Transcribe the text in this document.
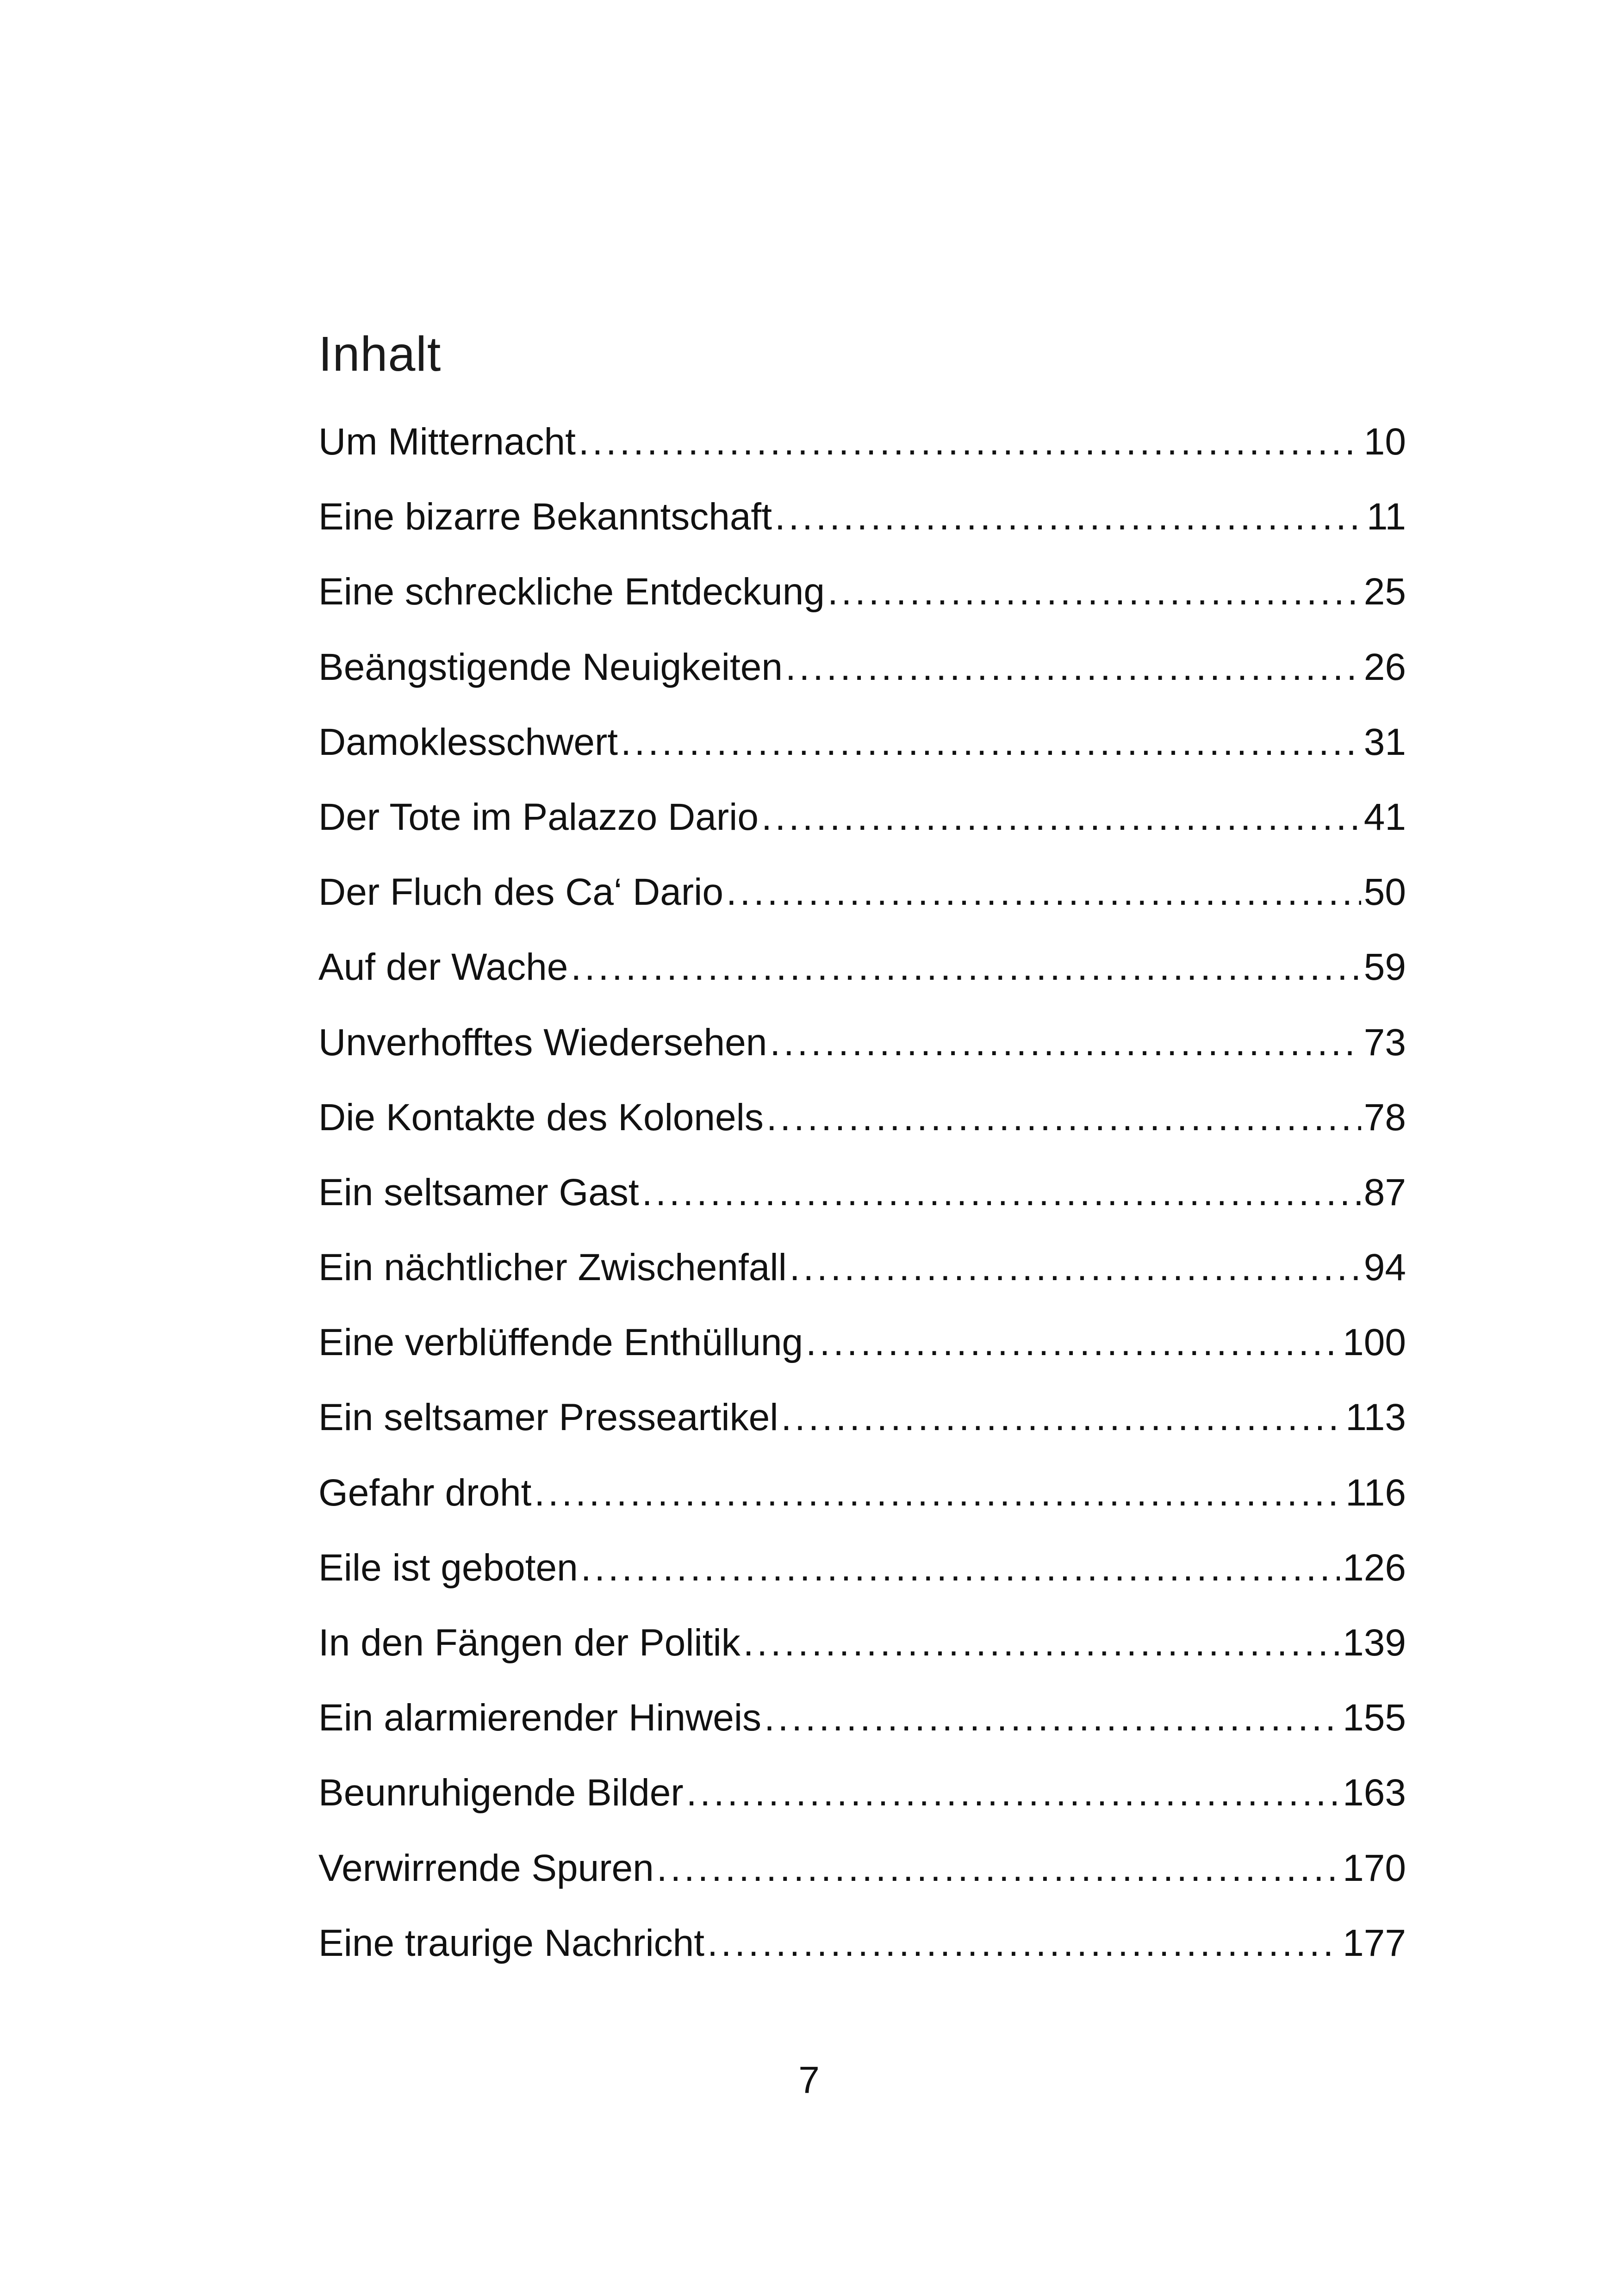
Inhalt
Um Mitternacht . . .	10
Eine bizarre Bekanntschaft . . .	11
Eine schreckliche Entdeckung . . .	25
Beängstigende Neuigkeiten . . .	26
Damoklesschwert . . .	31
Der Tote im Palazzo Dario . . .	41
Der Fluch des Ca‘ Dario . . .	50
Auf der Wache . . .	59
Unverhofftes Wiedersehen . . .	73
Die Kontakte des Kolonels . . .	78
Ein seltsamer Gast . . .	87
Ein nächtlicher Zwischenfall . . .	94
Eine verblüffende Enthüllung . . .	100
Ein seltsamer Presseartikel . . .	113
Gefahr droht . . .	116
Eile ist geboten . . .	126
In den Fängen der Politik . . .	139
Ein alarmierender Hinweis . . .	155
Beunruhigende Bilder . . .	163
Verwirrende Spuren . . .	170
Eine traurige Nachricht . . .	177
7
